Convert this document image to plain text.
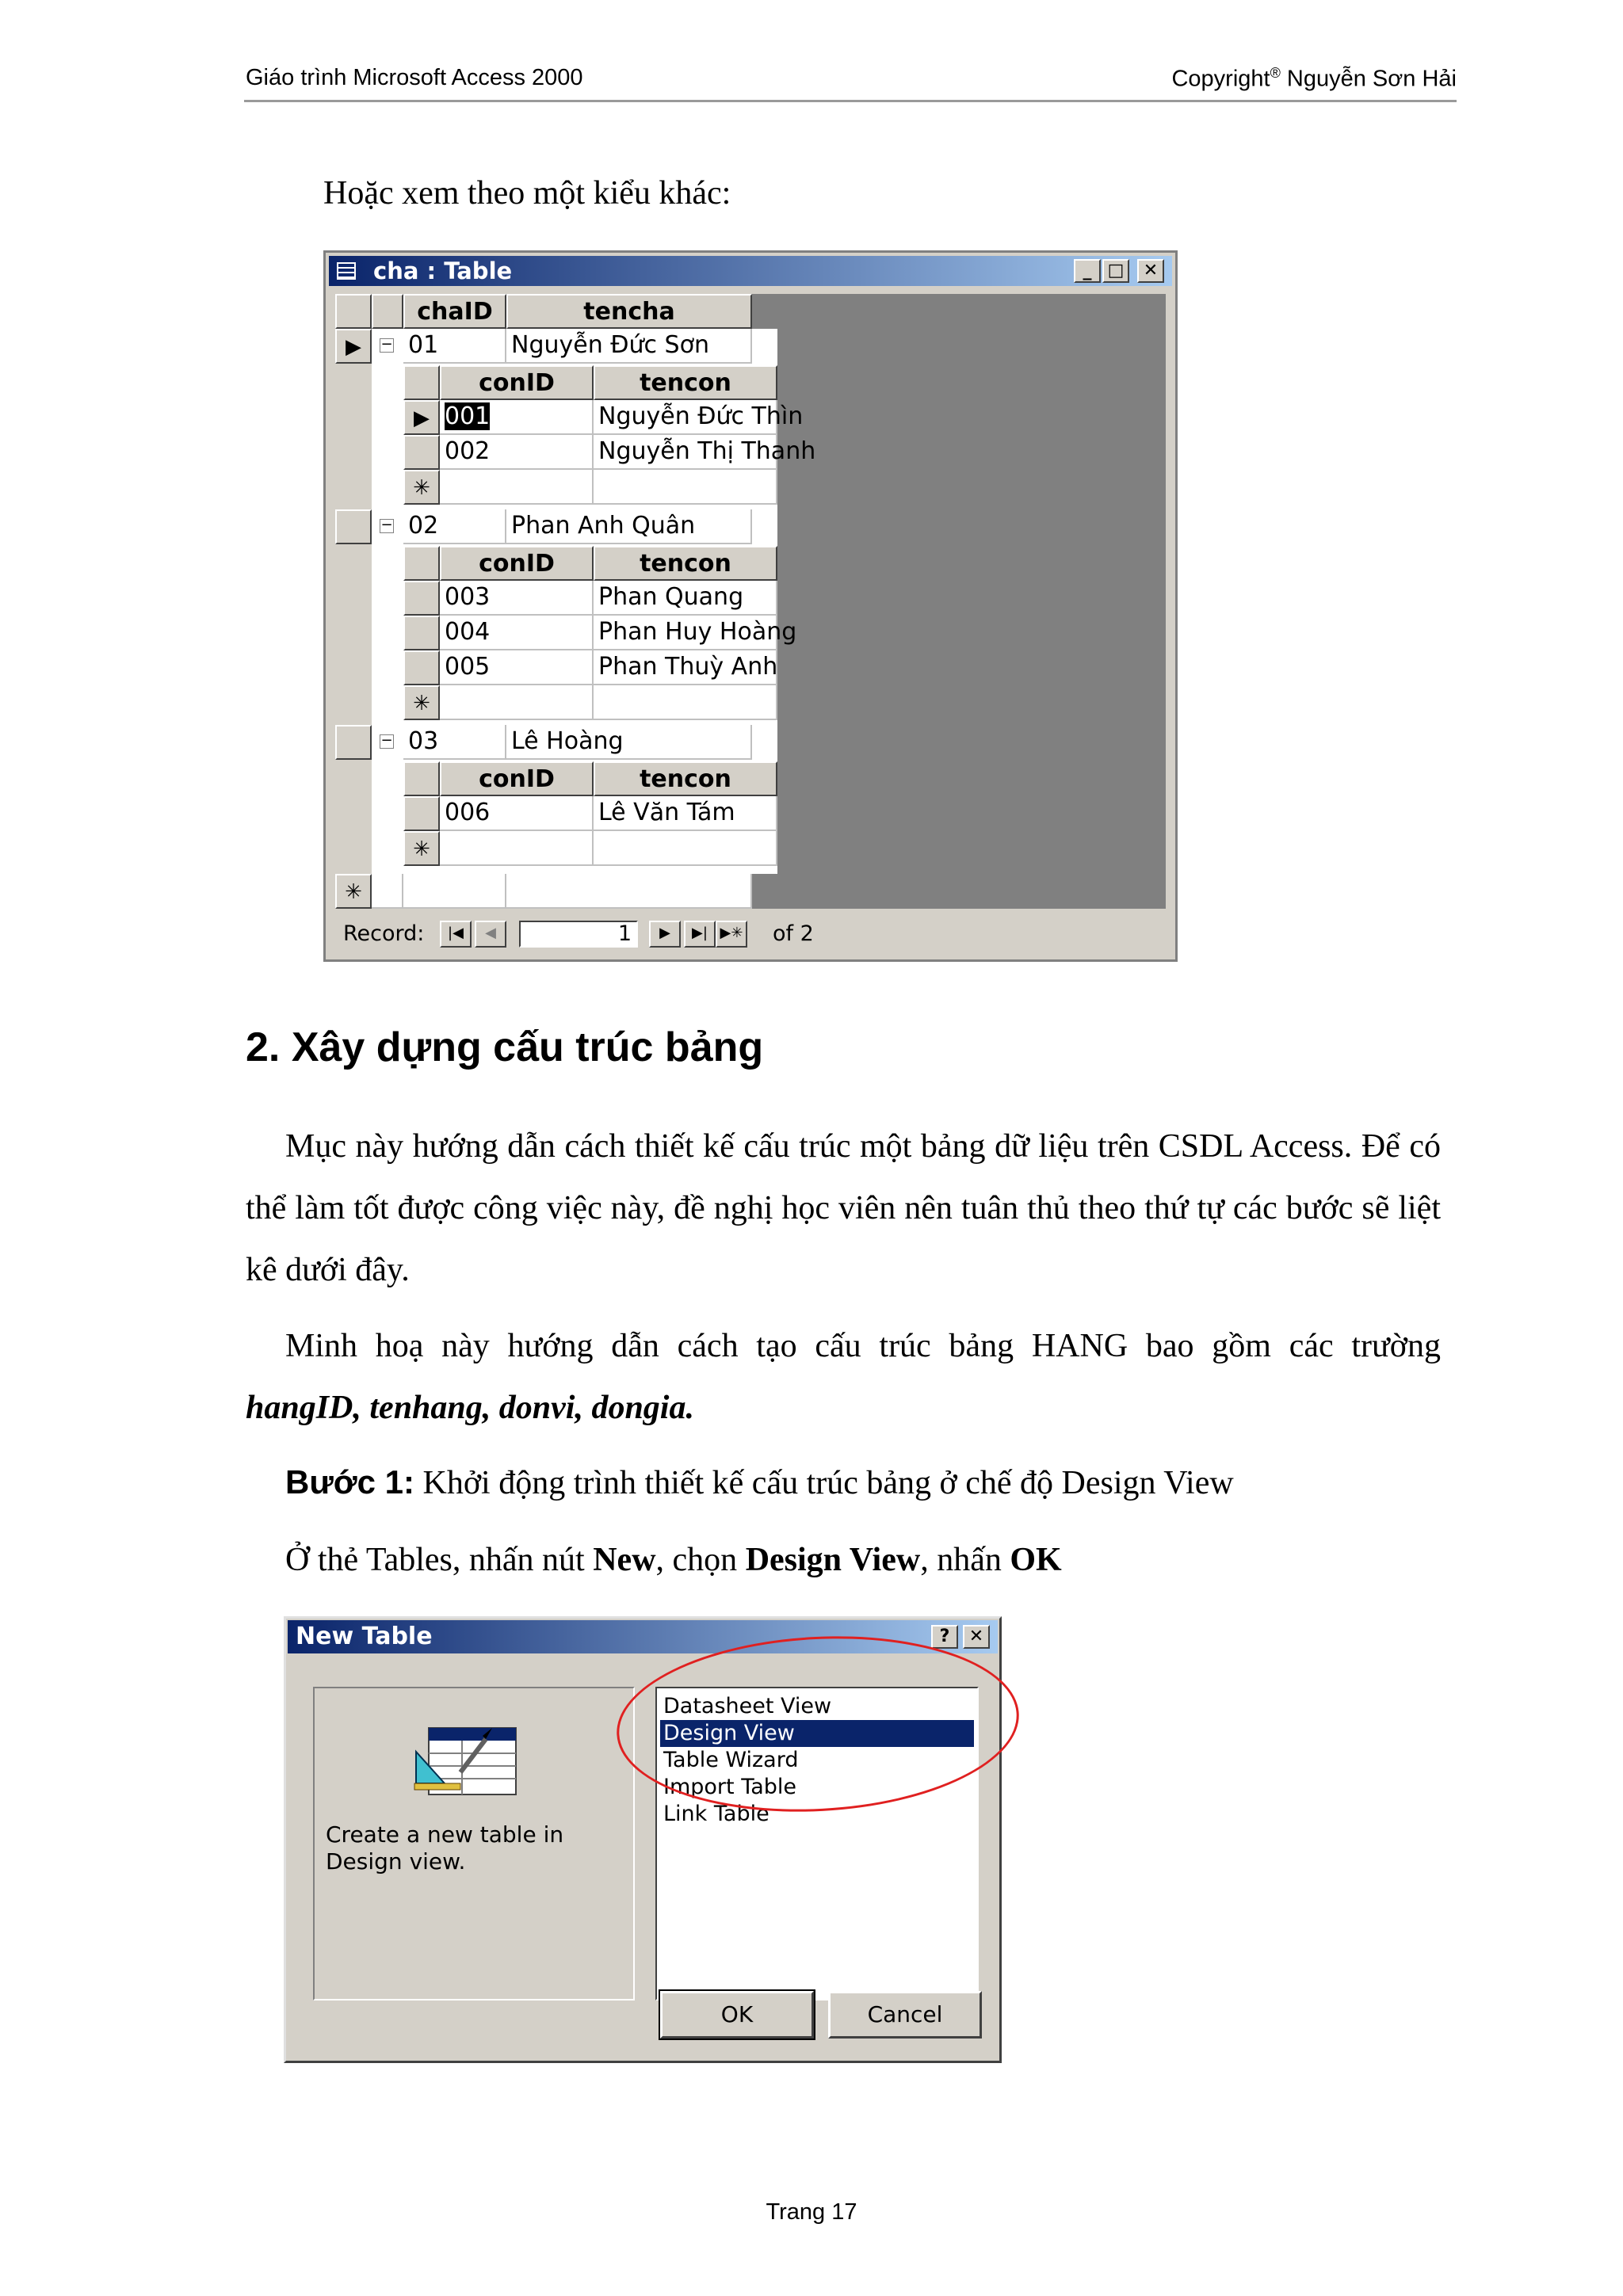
Giáo trình Microsoft Access 2000	Copyright® Nguyễn Sơn Hải
Hoặc xem theo một kiểu khác:
cha : Table	_ □	✕
chaID	tencha
▶	− 01	Nguyễn Đức Sơn
conID	tencon
▶ 001	Nguyễn Đức Thìn
002	Nguyễn Thị Thanh
✳
− 02	Phan Anh Quân
conID	tencon
003	Phan Quang
004	Phan Huy Hoàng
005	Phan Thuỳ Anh
✳
− 03	Lê Hoàng
conID	tencon
006	Lê Văn Tám
✳
✳
Record:	|◀	◀	1	▶	▶| ▶✳ of 2
2. Xây dựng cấu trúc bảng
Mục này hướng dẫn cách thiết kế cấu trúc một bảng dữ liệu trên CSDL Access. Để có thể làm tốt được công việc này, đề nghị học viên nên tuân thủ theo thứ tự các bước sẽ liệt kê dưới đây.
Minh hoạ này hướng dẫn cách tạo cấu trúc bảng HANG bao gồm các trường
hangID, tenhang, donvi, dongia.
Bước 1: Khởi động trình thiết kế cấu trúc bảng ở chế độ Design View
Ở thẻ Tables, nhấn nút New, chọn Design View, nhấn OK
New Table	?	✕
Create a new table in Design view.
Datasheet View
Design View
Table Wizard
Import Table
Link Table
OK	Cancel
Trang 17
